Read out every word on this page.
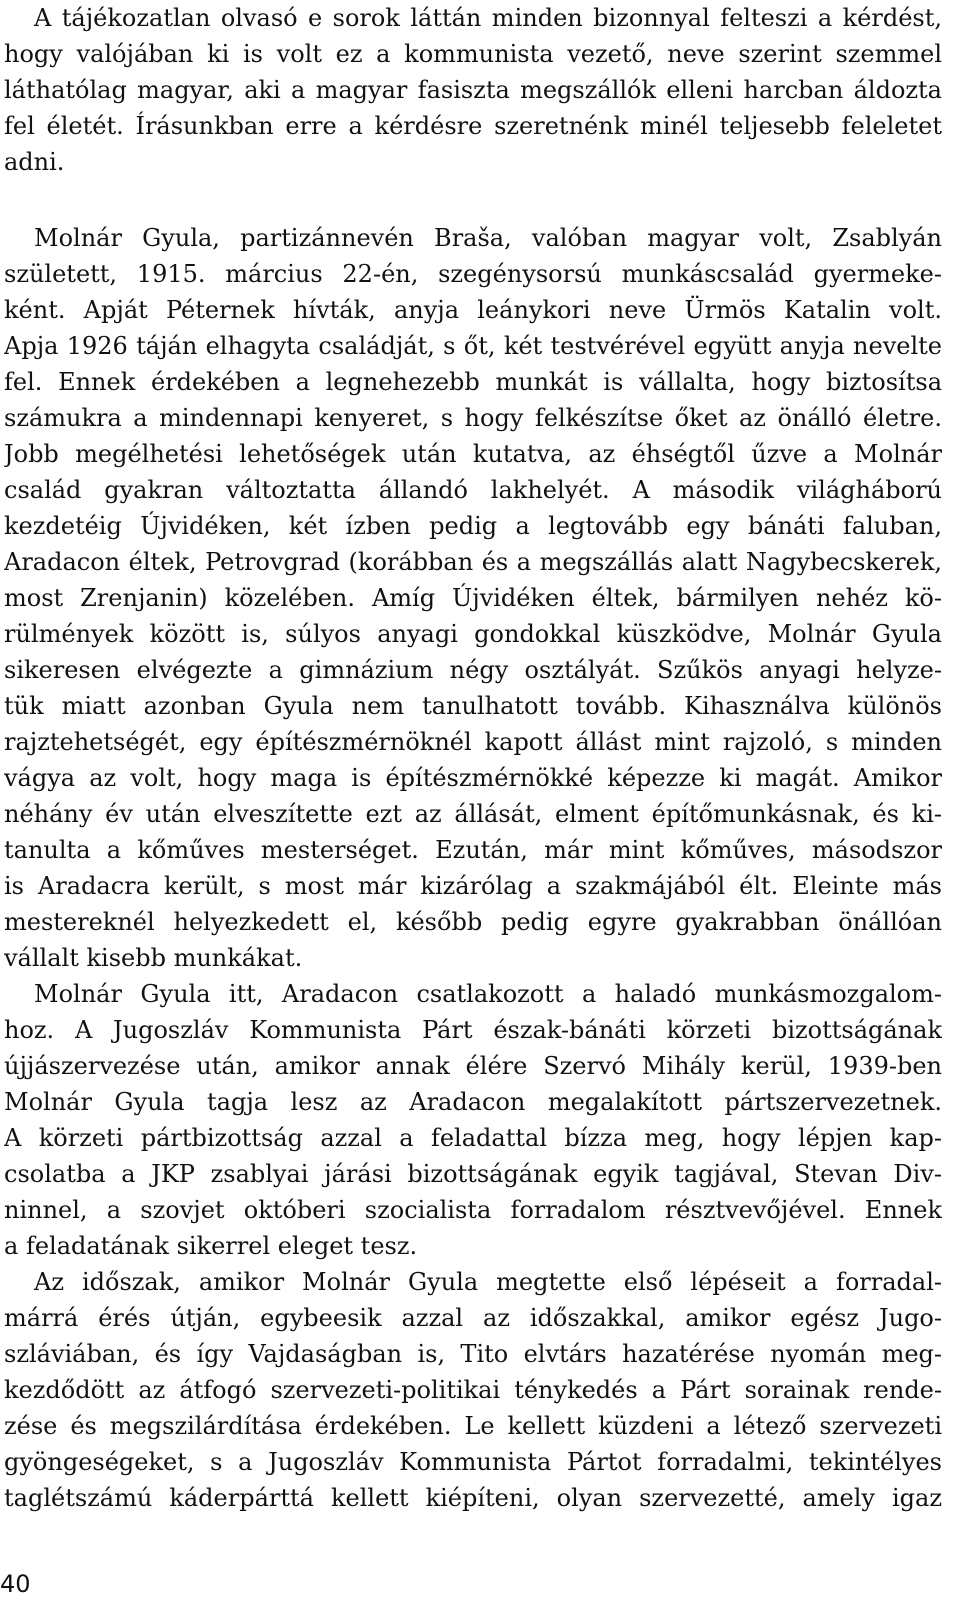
A tájékozatlan olvasó e sorok láttán minden bizonnyal felteszi a kérdést,
hogy valójában ki is volt ez a kommunista vezető, neve szerint szemmel
láthatólag magyar, aki a magyar fasiszta megszállók elleni harcban áldozta
fel életét. Írásunkban erre a kérdésre szeretnénk minél teljesebb feleletet
adni.
Molnár Gyula, partizánnevén Braša, valóban magyar volt, Zsablyán
született, 1915. március 22-én, szegénysorsú munkáscsalád gyermeke-
ként. Apját Péternek hívták, anyja leánykori neve Ürmös Katalin volt.
Apja 1926 táján elhagyta családját, s őt, két testvérével együtt anyja nevelte
fel. Ennek érdekében a legnehezebb munkát is vállalta, hogy biztosítsa
számukra a mindennapi kenyeret, s hogy felkészítse őket az önálló életre.
Jobb megélhetési lehetőségek után kutatva, az éhségtől űzve a Molnár
család gyakran változtatta állandó lakhelyét. A második világháború
kezdetéig Újvidéken, két ízben pedig a legtovább egy bánáti faluban,
Aradacon éltek, Petrovgrad (korábban és a megszállás alatt Nagybecskerek,
most Zrenjanin) közelében. Amíg Újvidéken éltek, bármilyen nehéz kö-
rülmények között is, súlyos anyagi gondokkal küszködve, Molnár Gyula
sikeresen elvégezte a gimnázium négy osztályát. Szűkös anyagi helyze-
tük miatt azonban Gyula nem tanulhatott tovább. Kihasználva különös
rajztehetségét, egy építészmérnöknél kapott állást mint rajzoló, s minden
vágya az volt, hogy maga is építészmérnökké képezze ki magát. Amikor
néhány év után elveszítette ezt az állását, elment építőmunkásnak, és ki-
tanulta a kőműves mesterséget. Ezután, már mint kőműves, másodszor
is Aradacra került, s most már kizárólag a szakmájából élt. Eleinte más
mestereknél helyezkedett el, később pedig egyre gyakrabban önállóan
vállalt kisebb munkákat.
Molnár Gyula itt, Aradacon csatlakozott a haladó munkásmozgalom-
hoz. A Jugoszláv Kommunista Párt észak-bánáti körzeti bizottságának
újjászervezése után, amikor annak élére Szervó Mihály kerül, 1939-ben
Molnár Gyula tagja lesz az Aradacon megalakított pártszervezetnek.
A körzeti pártbizottság azzal a feladattal bízza meg, hogy lépjen kap-
csolatba a JKP zsablyai járási bizottságának egyik tagjával, Stevan Div-
ninnel, a szovjet októberi szocialista forradalom résztvevőjével. Ennek
a feladatának sikerrel eleget tesz.
Az időszak, amikor Molnár Gyula megtette első lépéseit a forradal-
márrá érés útján, egybeesik azzal az időszakkal, amikor egész Jugo-
szláviában, és így Vajdaságban is, Tito elvtárs hazatérése nyomán meg-
kezdődött az átfogó szervezeti-politikai ténykedés a Párt sorainak rende-
zése és megszilárdítása érdekében. Le kellett küzdeni a létező szervezeti
gyöngeségeket, s a Jugoszláv Kommunista Pártot forradalmi, tekintélyes
taglétszámú káderpárttá kellett kiépíteni, olyan szervezetté, amely igaz
40
